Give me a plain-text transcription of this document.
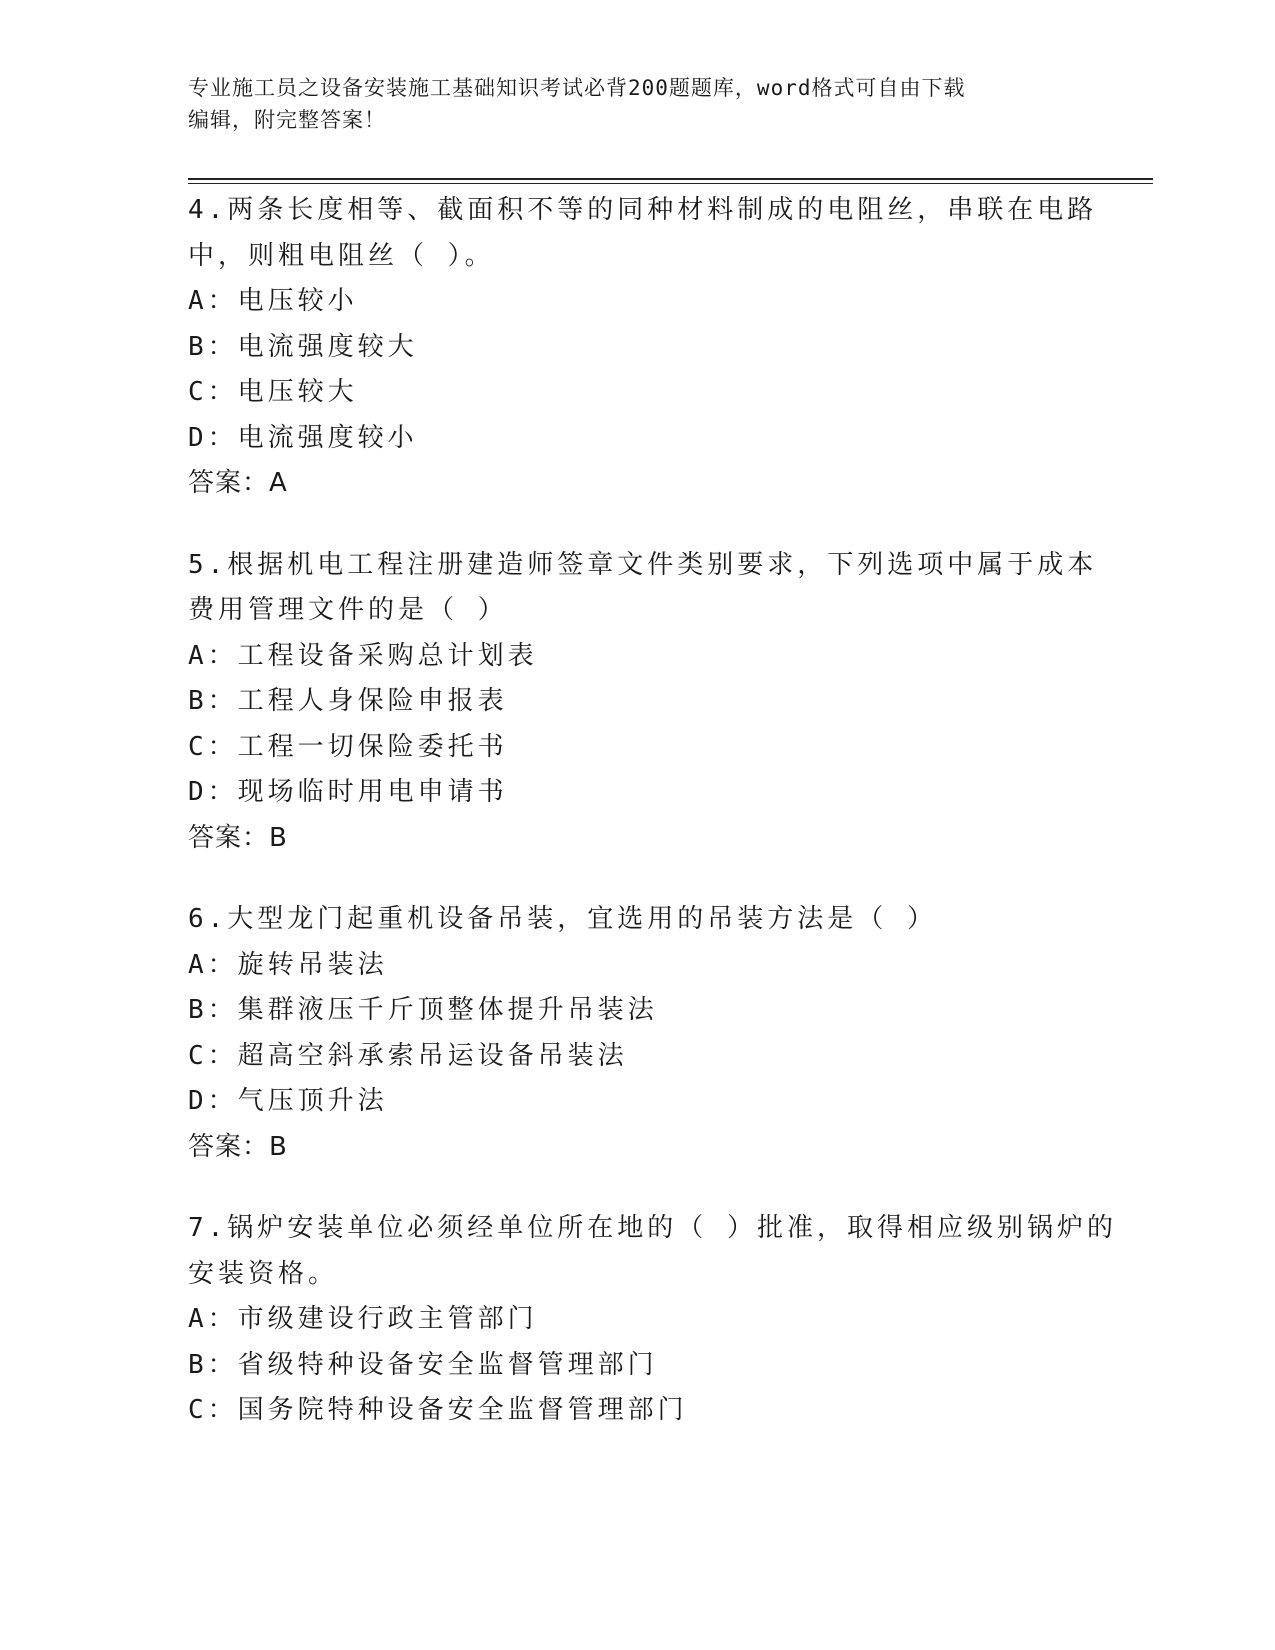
专业施工员之设备安装施工基础知识考试必背200题题库，word格式可自由下载
编辑，附完整答案！
4.两条长度相等、截面积不等的同种材料制成的电阻丝，串联在电路
中，则粗电阻丝（ ）。
A：电压较小
B：电流强度较大
C：电压较大
D：电流强度较小
答案：A
5.根据机电工程注册建造师签章文件类别要求，下列选项中属于成本
费用管理文件的是（ ）
A：工程设备采购总计划表
B：工程人身保险申报表
C：工程一切保险委托书
D：现场临时用电申请书
答案：B
6.大型龙门起重机设备吊装，宜选用的吊装方法是（ ）
A：旋转吊装法
B：集群液压千斤顶整体提升吊装法
C：超高空斜承索吊运设备吊装法
D：气压顶升法
答案：B
7.锅炉安装单位必须经单位所在地的（ ）批准，取得相应级别锅炉的
安装资格。
A：市级建设行政主管部门
B：省级特种设备安全监督管理部门
C：国务院特种设备安全监督管理部门
